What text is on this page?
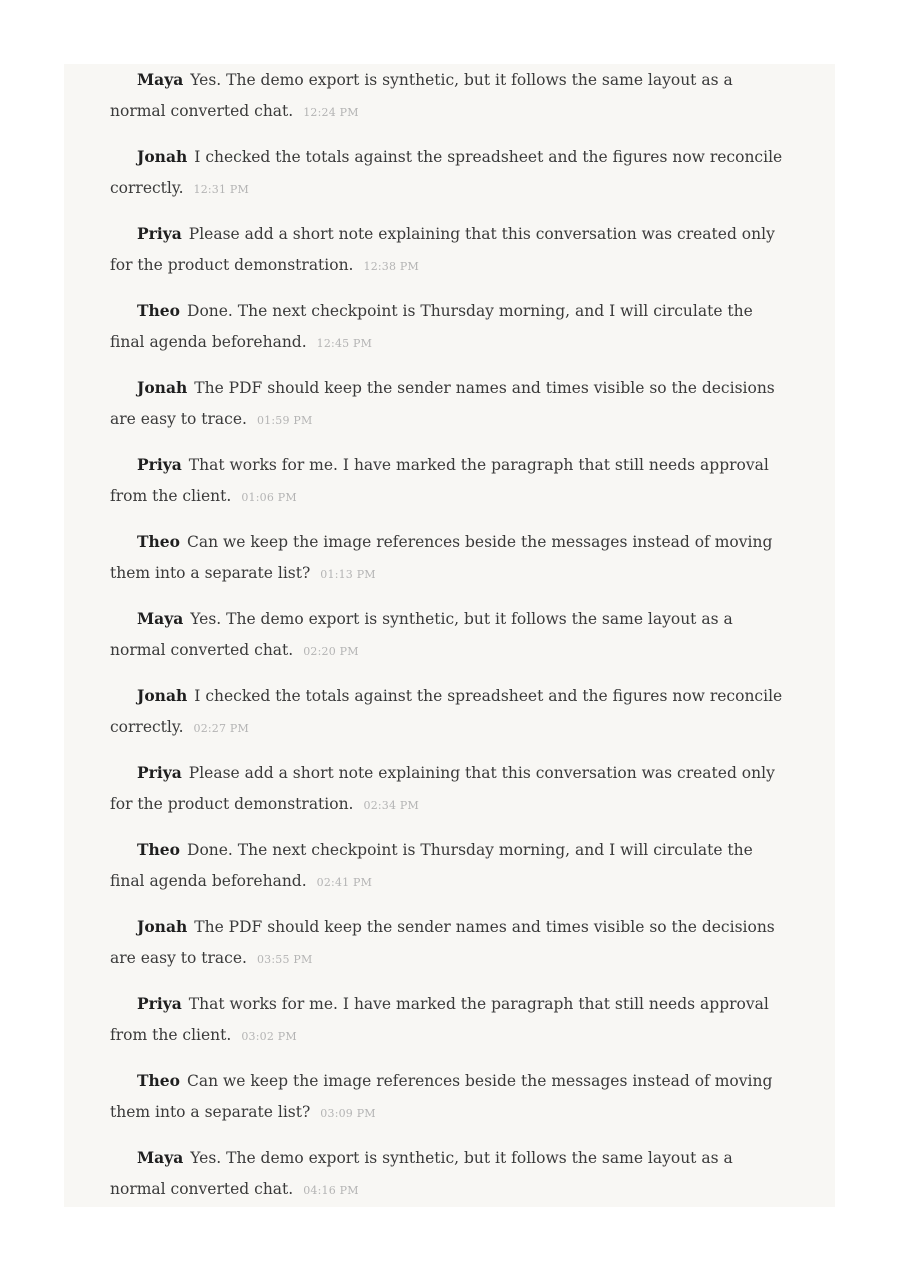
Maya Yes. The demo export is synthetic, but it follows the same layout as a normal converted chat. 12:24 PM
Jonah I checked the totals against the spreadsheet and the figures now reconcile correctly. 12:31 PM
Priya Please add a short note explaining that this conversation was created only for the product demonstration. 12:38 PM
Theo Done. The next checkpoint is Thursday morning, and I will circulate the final agenda beforehand. 12:45 PM
Jonah The PDF should keep the sender names and times visible so the decisions are easy to trace. 01:59 PM
Priya That works for me. I have marked the paragraph that still needs approval from the client. 01:06 PM
Theo Can we keep the image references beside the messages instead of moving them into a separate list? 01:13 PM
Maya Yes. The demo export is synthetic, but it follows the same layout as a normal converted chat. 02:20 PM
Jonah I checked the totals against the spreadsheet and the figures now reconcile correctly. 02:27 PM
Priya Please add a short note explaining that this conversation was created only for the product demonstration. 02:34 PM
Theo Done. The next checkpoint is Thursday morning, and I will circulate the final agenda beforehand. 02:41 PM
Jonah The PDF should keep the sender names and times visible so the decisions are easy to trace. 03:55 PM
Priya That works for me. I have marked the paragraph that still needs approval from the client. 03:02 PM
Theo Can we keep the image references beside the messages instead of moving them into a separate list? 03:09 PM
Maya Yes. The demo export is synthetic, but it follows the same layout as a normal converted chat. 04:16 PM
